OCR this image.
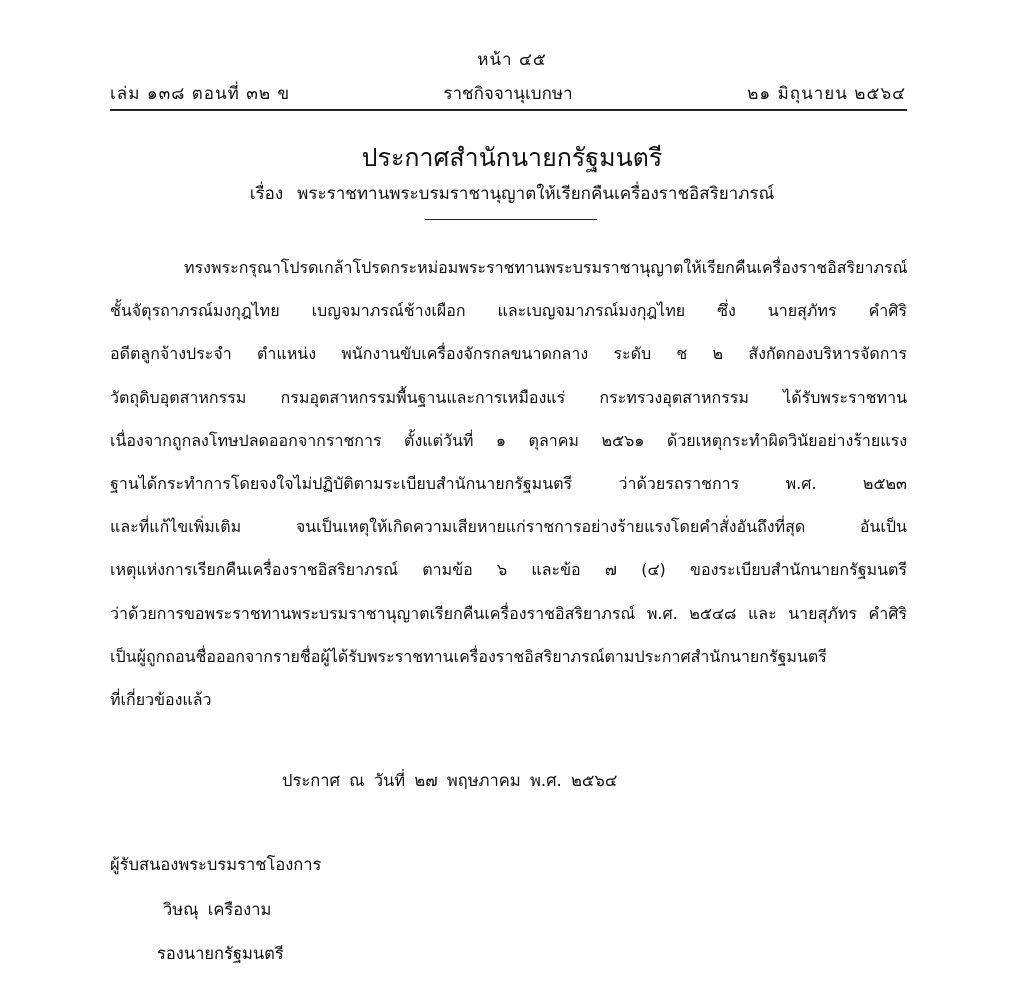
หน้า ๔๕
ราชกิจจานุเบกษา
เล่ม ๑๓๘ ตอนที่ ๓๒ ข	๒๑ มิถุนายน ๒๕๖๔
ประกาศสำนักนายกรัฐมนตรี
เรื่อง พระราชทานพระบรมราชานุญาตให้เรียกคืนเครื่องราชอิสริยาภรณ์
ทรงพระกรุณาโปรดเกล้าโปรดกระหม่อมพระราชทานพระบรมราชานุญาตให้เรียกคืนเครื่องราชอิสริยาภรณ์
ชั้นจัตุรถาภรณ์มงกุฎไทย เบญจมาภรณ์ช้างเผือก และเบญจมาภรณ์มงกุฎไทย ซึ่ง นายสุภัทร คำศิริ
อดีตลูกจ้างประจำ ตำแหน่ง พนักงานขับเครื่องจักรกลขนาดกลาง ระดับ ช ๒ สังกัดกองบริหารจัดการ
วัตถุดิบอุตสาหกรรม กรมอุตสาหกรรมพื้นฐานและการเหมืองแร่ กระทรวงอุตสาหกรรม ได้รับพระราชทาน
เนื่องจากถูกลงโทษปลดออกจากราชการ ตั้งแต่วันที่ ๑ ตุลาคม ๒๕๖๑ ด้วยเหตุกระทำผิดวินัยอย่างร้ายแรง
ฐานได้กระทำการโดยจงใจไม่ปฏิบัติตามระเบียบสำนักนายกรัฐมนตรี ว่าด้วยรถราชการ พ.ศ. ๒๕๒๓
และที่แก้ไขเพิ่มเติม จนเป็นเหตุให้เกิดความเสียหายแก่ราชการอย่างร้ายแรงโดยคำสั่งอันถึงที่สุด อันเป็น
เหตุแห่งการเรียกคืนเครื่องราชอิสริยาภรณ์ ตามข้อ ๖ และข้อ ๗ (๔) ของระเบียบสำนักนายกรัฐมนตรี
ว่าด้วยการขอพระราชทานพระบรมราชานุญาตเรียกคืนเครื่องราชอิสริยาภรณ์ พ.ศ. ๒๕๔๘ และ นายสุภัทร คำศิริ
เป็นผู้ถูกถอนชื่อออกจากรายชื่อผู้ได้รับพระราชทานเครื่องราชอิสริยาภรณ์ตามประกาศสำนักนายกรัฐมนตรี
ที่เกี่ยวข้องแล้ว
ประกาศ ณ วันที่ ๒๗ พฤษภาคม พ.ศ. ๒๕๖๔
ผู้รับสนองพระบรมราชโองการ
วิษณุ เครืองาม
รองนายกรัฐมนตรี
